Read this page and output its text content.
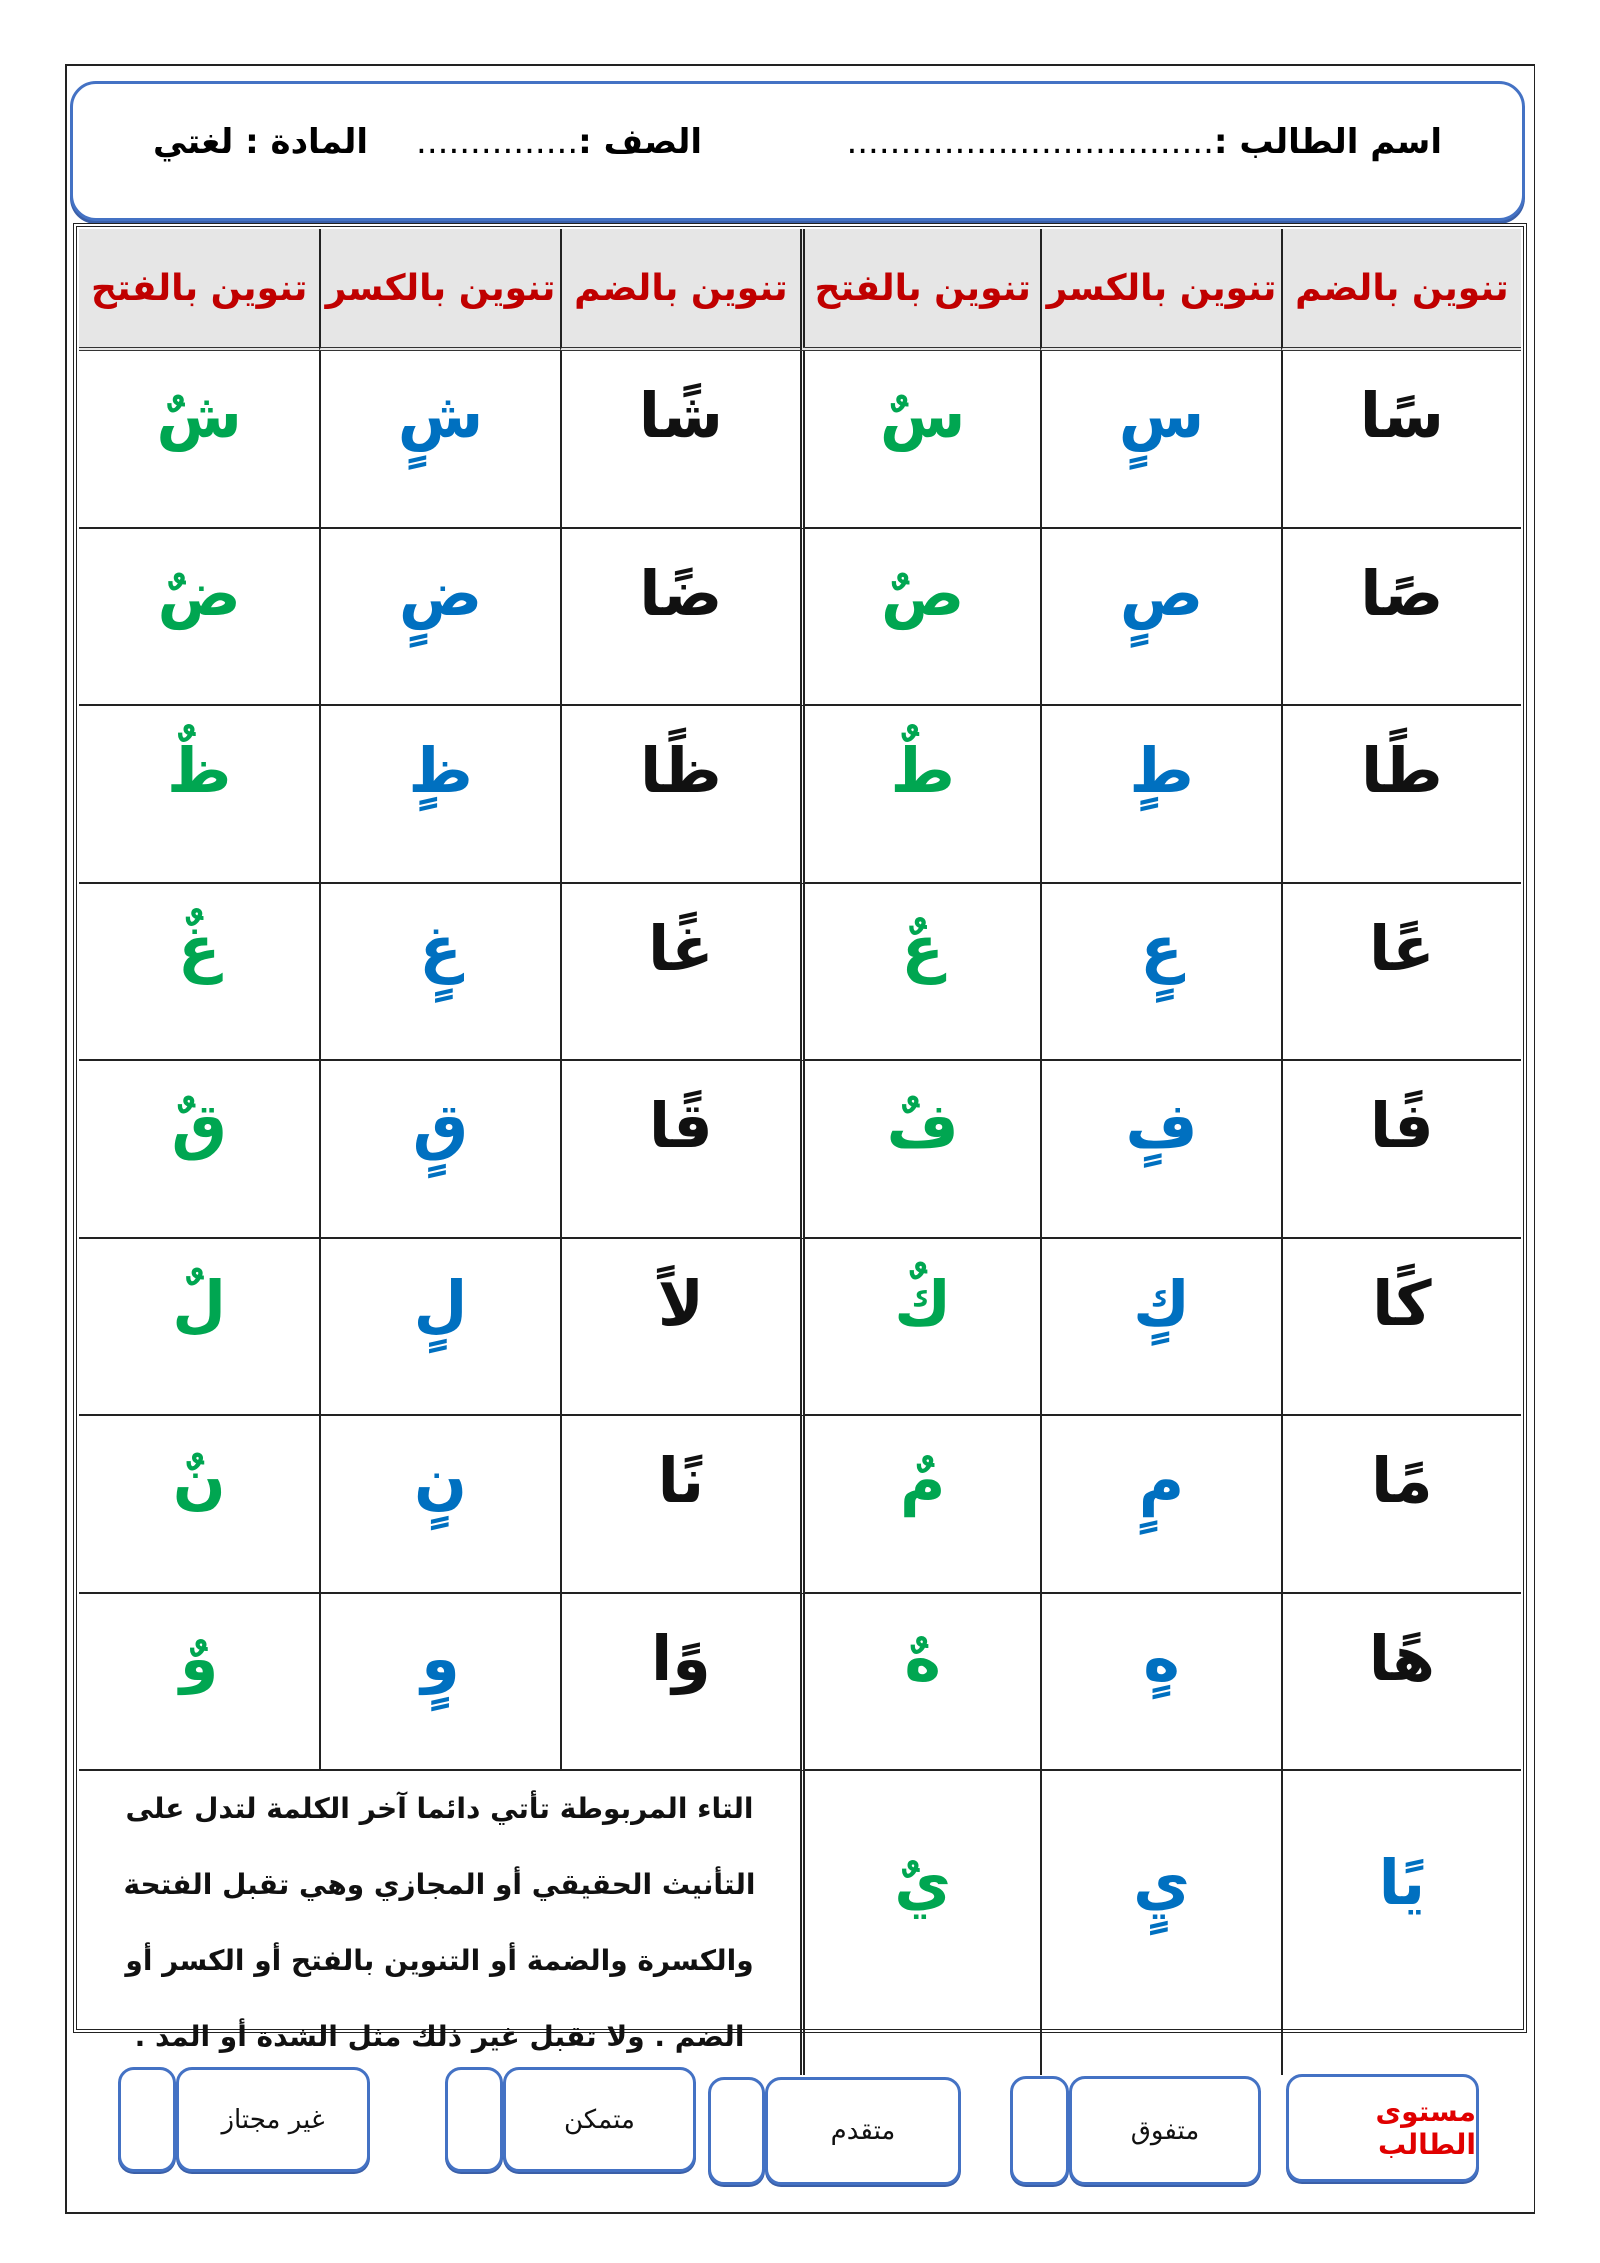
اسم الطالب :..................................
الصف :...............
المادة : لغتي
تنوين بالضم
تنوين بالكسر
تنوين بالفتح
تنوين بالضم
تنوين بالكسر
تنوين بالفتح
سًا
سٍ
سٌ
شًا
شٍ
شٌ
صًا
صٍ
صٌ
ضًا
ضٍ
ضٌ
طًا
طٍ
طٌ
ظًا
ظٍ
ظٌ
عًا
عٍ
عٌ
غًا
غٍ
غٌ
فًا
فٍ
فٌ
قًا
قٍ
قٌ
كًا
كٍ
كٌ
لاً
لٍ
لٌ
مًا
مٍ
مٌ
نًا
نٍ
نٌ
هًا
هٍ
هٌ
وًا
وٍ
وٌ
يًا
يٍ
يٌ
التاء المربوطة تأتي دائما آخر الكلمة لتدل على التأنيث الحقيقي أو المجازي وهي تقبل الفتحة والكسرة والضمة أو التنوين بالفتح أو الكسر أو الضم . ولا تقبل غير ذلك مثل الشدة أو المد .
مستوى الطالب
متفوق
متقدم
متمكن
غير مجتاز
